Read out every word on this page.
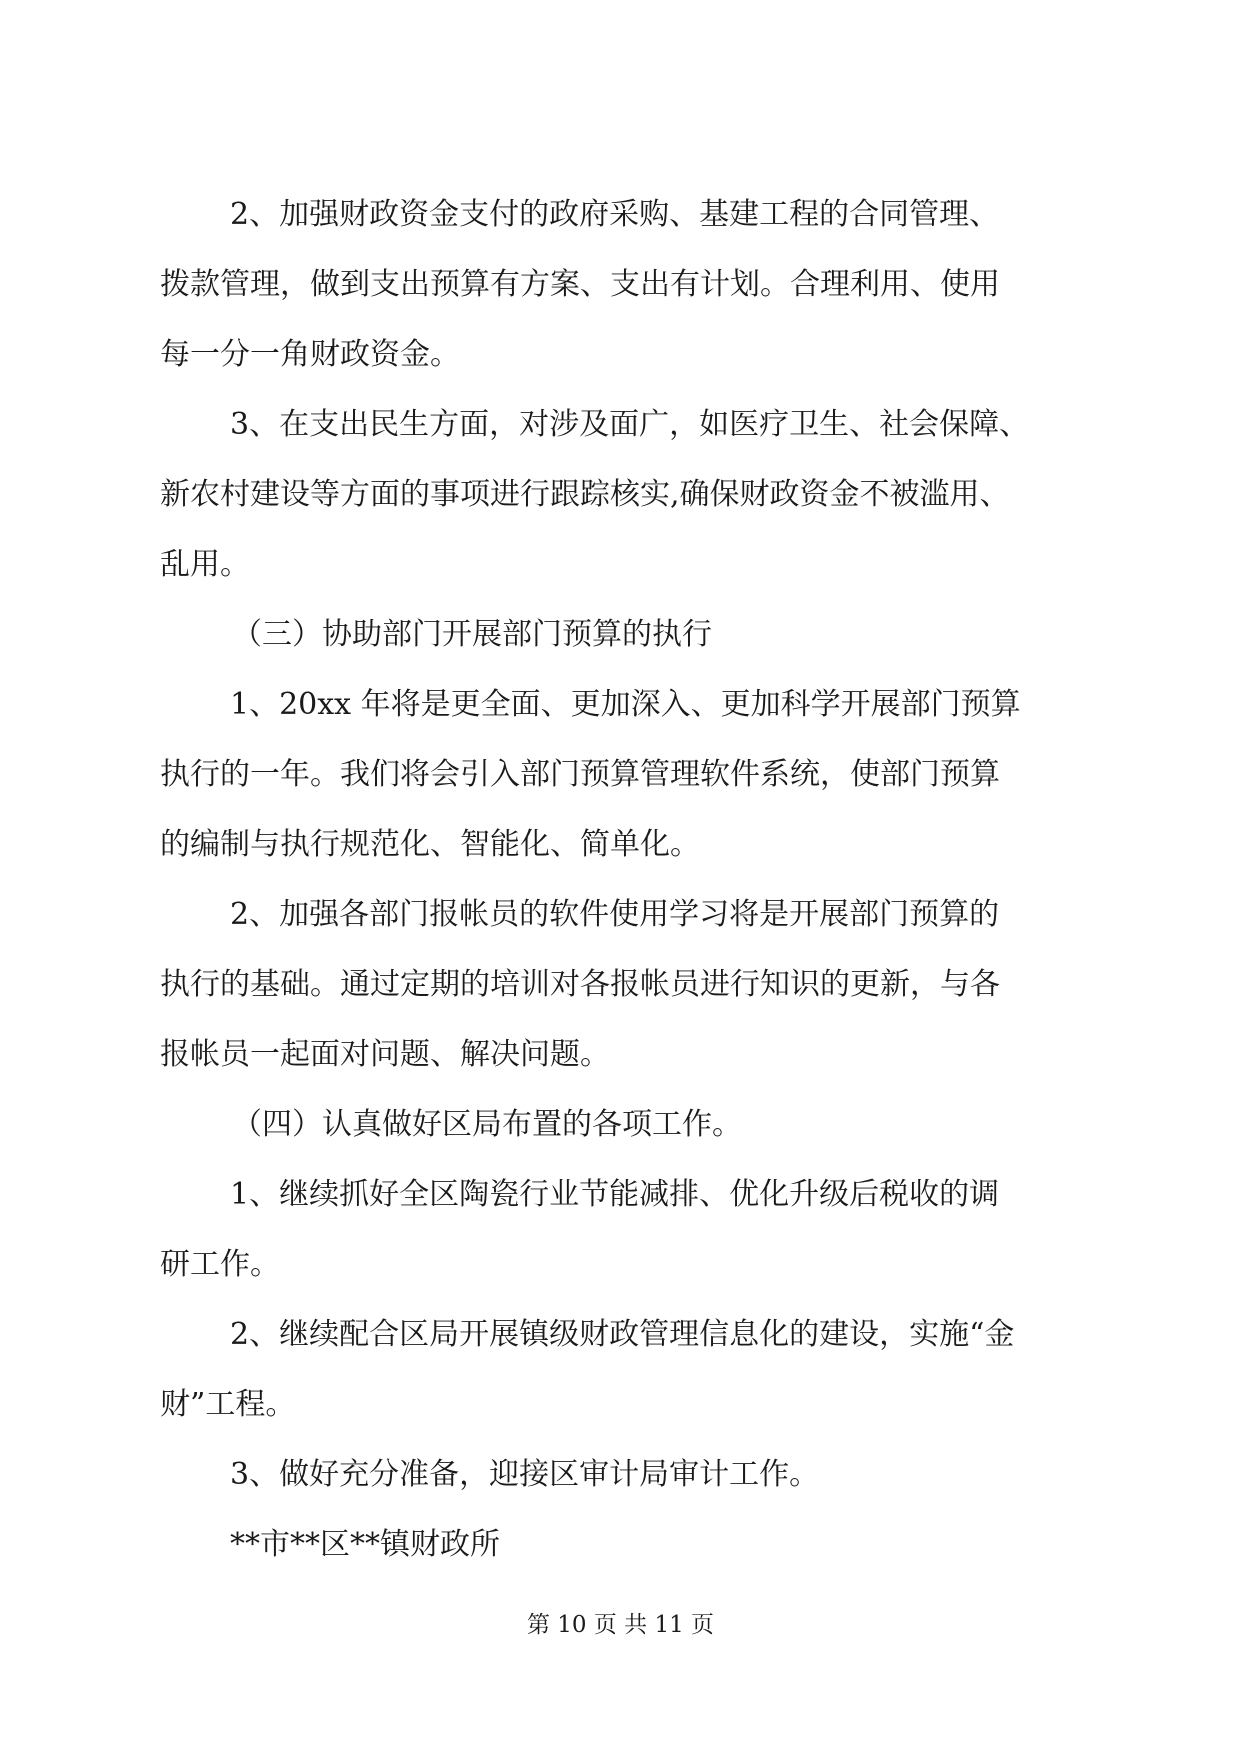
2、加强财政资金支付的政府采购、基建工程的合同管理、
拨款管理，做到支出预算有方案、支出有计划。合理利用、使用
每一分一角财政资金。
3、在支出民生方面，对涉及面广，如医疗卫生、社会保障、
新农村建设等方面的事项进行跟踪核实,确保财政资金不被滥用、
乱用。
（三）协助部门开展部门预算的执行
1、20xx 年将是更全面、更加深入、更加科学开展部门预算
执行的一年。我们将会引入部门预算管理软件系统，使部门预算
的编制与执行规范化、智能化、简单化。
2、加强各部门报帐员的软件使用学习将是开展部门预算的
执行的基础。通过定期的培训对各报帐员进行知识的更新，与各
报帐员一起面对问题、解决问题。
（四）认真做好区局布置的各项工作。
1、继续抓好全区陶瓷行业节能减排、优化升级后税收的调
研工作。
2、继续配合区局开展镇级财政管理信息化的建设，实施“金
财”工程。
3、做好充分准备，迎接区审计局审计工作。
**市**区**镇财政所
第 10 页 共 11 页
